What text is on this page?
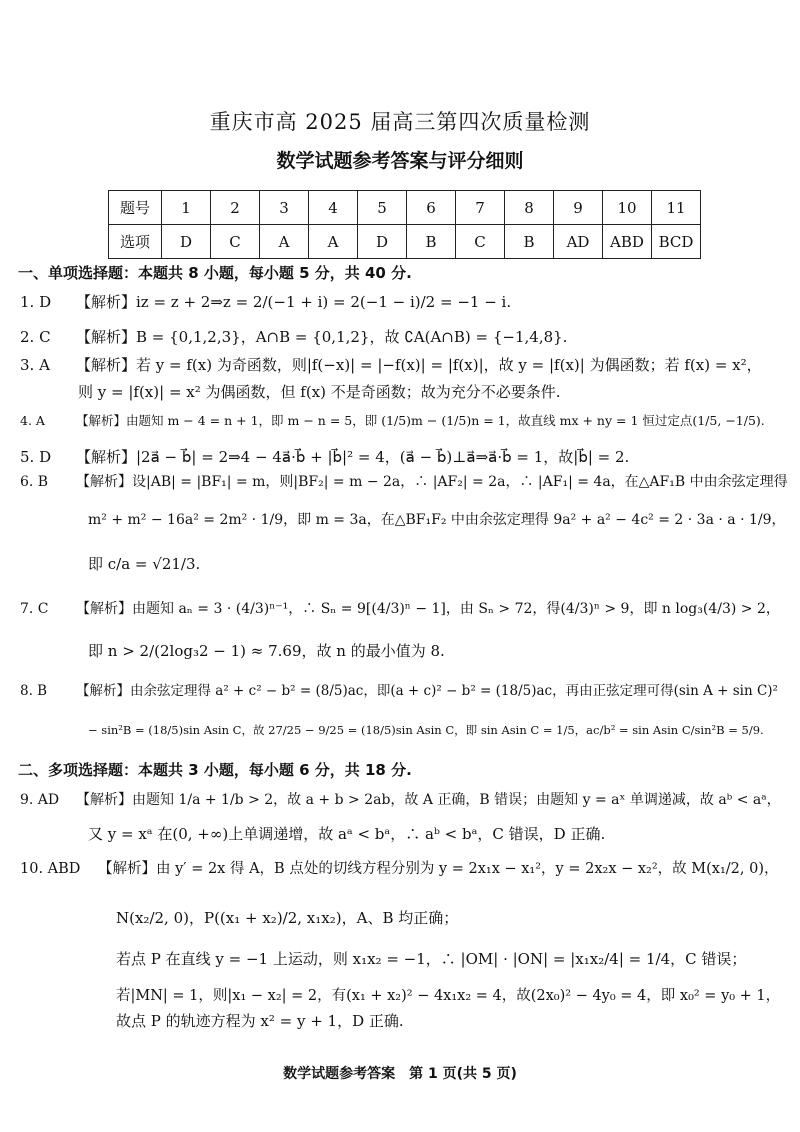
重庆市高 2025 届高三第四次质量检测
数学试题参考答案与评分细则
题号	1	2	3	4	5	6	7	8	9	10	11
选项	D	C	A	A	D	B	C	B	AD	ABD	BCD
一、单项选择题：本题共 8 小题，每小题 5 分，共 40 分.
1. D 【解析】iz = z + 2⇒z = 2/(−1 + i) = 2(−1 − i)/2 = −1 − i.
2. C 【解析】B = {0,1,2,3}，A∩B = {0,1,2}，故 ∁A(A∩B) = {−1,4,8}.
3. A 【解析】若 y = f(x) 为奇函数，则|f(−x)| = |−f(x)| = |f(x)|，故 y = |f(x)| 为偶函数；若 f(x) = x²，
则 y = |f(x)| = x² 为偶函数，但 f(x) 不是奇函数；故为充分不必要条件.
4. A 【解析】由题知 m − 4 = n + 1，即 m − n = 5，即 (1/5)m − (1/5)n = 1，故直线 mx + ny = 1 恒过定点(1/5, −1/5).
5. D 【解析】|2a⃗ − b⃗| = 2⇒4 − 4a⃗·b⃗ + |b⃗|² = 4，(a⃗ − b⃗)⊥a⃗⇒a⃗·b⃗ = 1，故|b⃗| = 2.
6. B 【解析】设|AB| = |BF₁| = m，则|BF₂| = m − 2a，∴ |AF₂| = 2a，∴ |AF₁| = 4a，在△AF₁B 中由余弦定理得
m² + m² − 16a² = 2m² · 1/9，即 m = 3a，在△BF₁F₂ 中由余弦定理得 9a² + a² − 4c² = 2 · 3a · a · 1/9，
即 c/a = √21/3.
7. C 【解析】由题知 aₙ = 3 · (4/3)ⁿ⁻¹，∴ Sₙ = 9[(4/3)ⁿ − 1]，由 Sₙ > 72，得(4/3)ⁿ > 9，即 n log₃(4/3) > 2，
即 n > 2/(2log₃2 − 1) ≈ 7.69，故 n 的最小值为 8.
8. B 【解析】由余弦定理得 a² + c² − b² = (8/5)ac，即(a + c)² − b² = (18/5)ac，再由正弦定理可得(sin A + sin C)²
− sin²B = (18/5)sin Asin C，故 27/25 − 9/25 = (18/5)sin Asin C，即 sin Asin C = 1/5，ac/b² = sin Asin C/sin²B = 5/9.
二、多项选择题：本题共 3 小题，每小题 6 分，共 18 分.
9. AD 【解析】由题知 1/a + 1/b > 2，故 a + b > 2ab，故 A 正确，B 错误；由题知 y = aˣ 单调递减，故 aᵇ < aᵃ，
又 y = xᵃ 在(0, +∞)上单调递增，故 aᵃ < bᵃ，∴ aᵇ < bᵃ，C 错误，D 正确.
10. ABD 【解析】由 y′ = 2x 得 A，B 点处的切线方程分别为 y = 2x₁x − x₁²，y = 2x₂x − x₂²，故 M(x₁/2, 0)，
N(x₂/2, 0)，P((x₁ + x₂)/2, x₁x₂)，A、B 均正确；
若点 P 在直线 y = −1 上运动，则 x₁x₂ = −1，∴ |OM| · |ON| = |x₁x₂/4| = 1/4，C 错误；
若|MN| = 1，则|x₁ − x₂| = 2，有(x₁ + x₂)² − 4x₁x₂ = 4，故(2x₀)² − 4y₀ = 4，即 x₀² = y₀ + 1，
故点 P 的轨迹方程为 x² = y + 1，D 正确.
数学试题参考答案　第 1 页(共 5 页)
